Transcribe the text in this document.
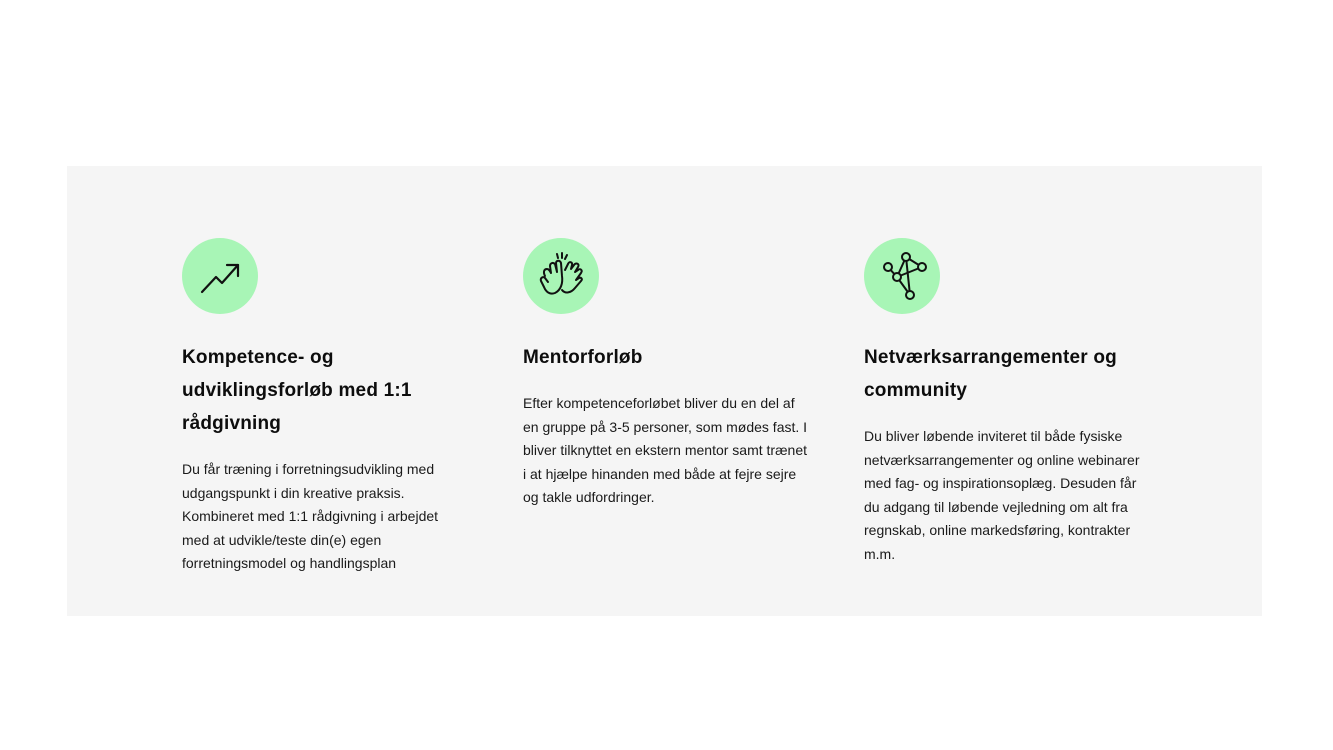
Kompetence- og udviklingsforløb med 1:1 rådgivning

Du får træning i forretningsudvikling med udgangspunkt i din kreative praksis. Kombineret med 1:1 rådgivning i arbejdet med at udvikle/teste din(e) egen forretningsmodel og handlingsplan

Mentorforløb

Efter kompetenceforløbet bliver du en del af en gruppe på 3-5 personer, som mødes fast. I bliver tilknyttet en ekstern mentor samt trænet i at hjælpe hinanden med både at fejre sejre og takle udfordringer.

Netværksarrangementer og community

Du bliver løbende inviteret til både fysiske netværksarrangementer og online webinarer med fag- og inspirationsoplæg. Desuden får du adgang til løbende vejledning om alt fra regnskab, online markedsføring, kontrakter m.m.
